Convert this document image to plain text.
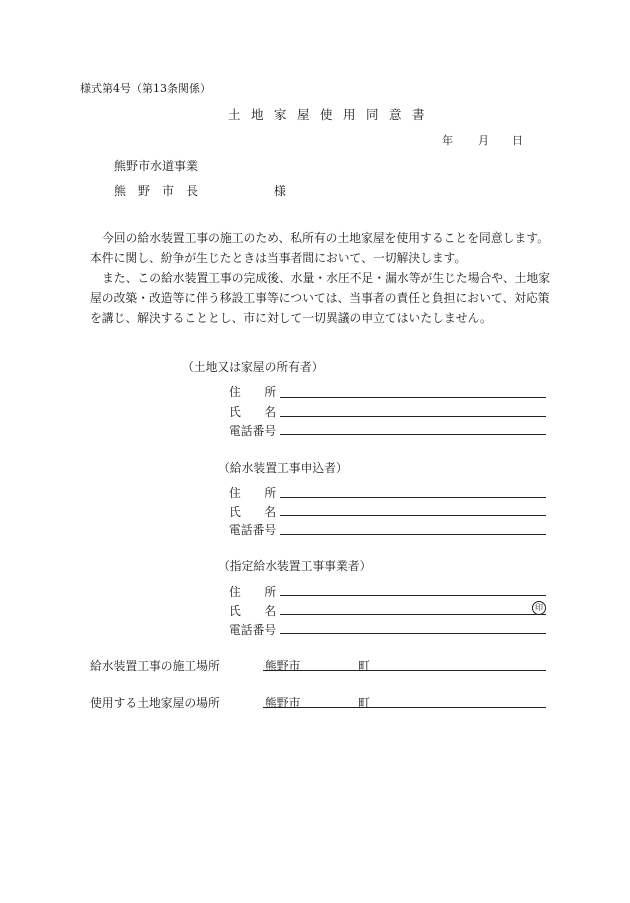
様式第4号（第13条関係）
土地家屋使用同意書
年 月 日
熊野市水道事業
熊 野 市 長	様
今回の給水装置工事の施工のため、私所有の土地家屋を使用することを同意します。
本件に関し、紛争が生じたときは当事者間において、一切解決します。
また、この給水装置工事の完成後、水量・水圧不足・漏水等が生じた場合や、土地家屋の改築・改造等に伴う移設工事等については、当事者の責任と負担において、対応策を講じ、解決することとし、市に対して一切異議の申立てはいたしません。
（土地又は家屋の所有者）
住　　所
氏　　名
電話番号
（給水装置工事申込者）
住　　所
氏　　名
電話番号
（指定給水装置工事事業者）
住　　所
氏　　名	印
電話番号
給水装置工事の施工場所	熊野市	町
使用する土地家屋の場所	熊野市	町
